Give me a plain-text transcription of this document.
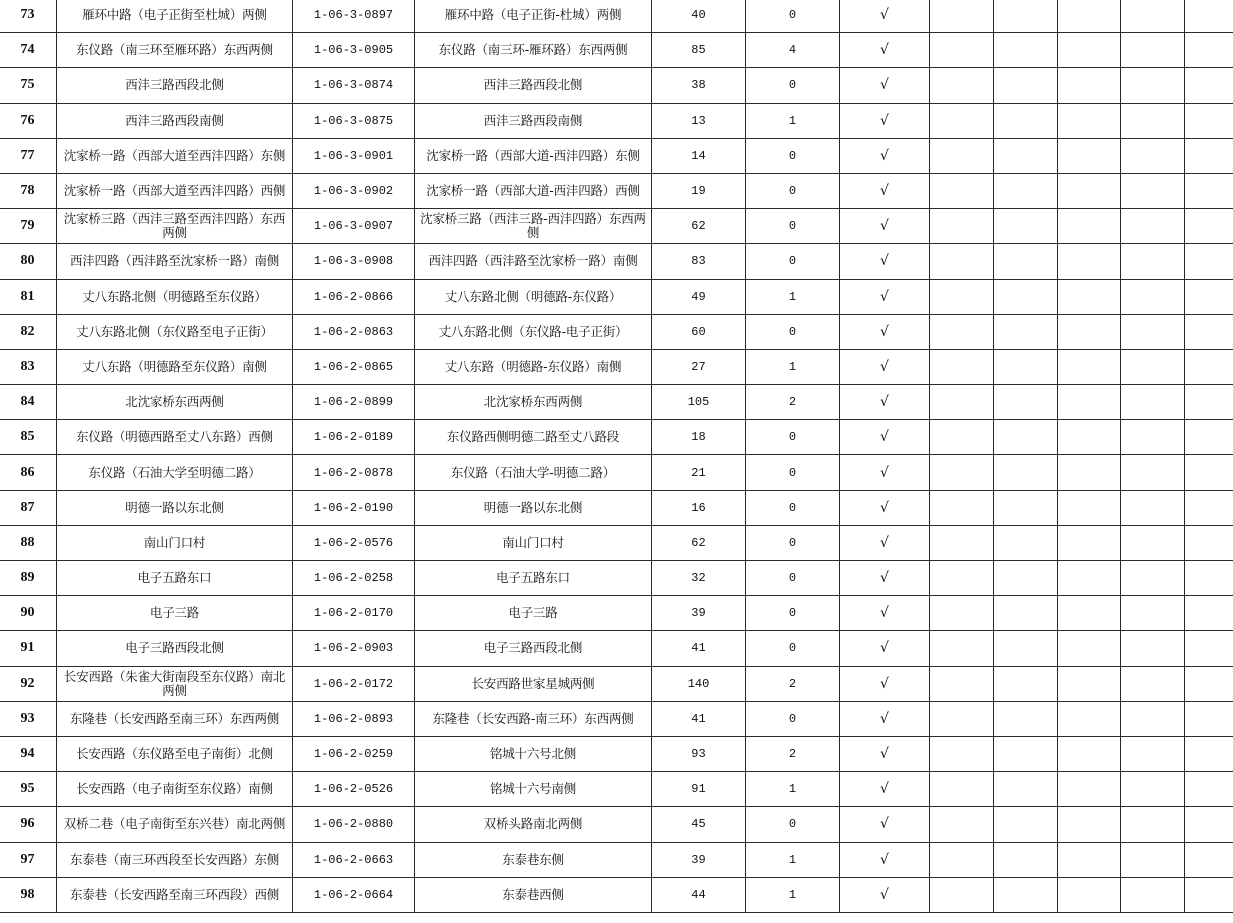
73	雁环中路（电子正街至杜城）两侧	1-06-3-0897	雁环中路（电子正街-杜城）两侧	40	0	√						
74	东仪路（南三环至雁环路）东西两侧	1-06-3-0905	东仪路（南三环-雁环路）东西两侧	85	4	√						
75	西沣三路西段北侧	1-06-3-0874	西沣三路西段北侧	38	0	√						
76	西沣三路西段南侧	1-06-3-0875	西沣三路西段南侧	13	1	√						
77	沈家桥一路（西部大道至西沣四路）东侧	1-06-3-0901	沈家桥一路（西部大道-西沣四路）东侧	14	0	√						
78	沈家桥一路（西部大道至西沣四路）西侧	1-06-3-0902	沈家桥一路（西部大道-西沣四路）西侧	19	0	√						
79	沈家桥三路（西沣三路至西沣四路）东西两侧	1-06-3-0907	沈家桥三路（西沣三路-西沣四路）东西两侧	62	0	√						
80	西沣四路（西沣路至沈家桥一路）南侧	1-06-3-0908	西沣四路（西沣路至沈家桥一路）南侧	83	0	√						
81	丈八东路北侧（明德路至东仪路）	1-06-2-0866	丈八东路北侧（明德路-东仪路）	49	1	√						
82	丈八东路北侧（东仪路至电子正街）	1-06-2-0863	丈八东路北侧（东仪路-电子正街）	60	0	√						
83	丈八东路（明德路至东仪路）南侧	1-06-2-0865	丈八东路（明德路-东仪路）南侧	27	1	√						
84	北沈家桥东西两侧	1-06-2-0899	北沈家桥东西两侧	105	2	√						
85	东仪路（明德西路至丈八东路）西侧	1-06-2-0189	东仪路西侧明德二路至丈八路段	18	0	√						
86	东仪路（石油大学至明德二路）	1-06-2-0878	东仪路（石油大学-明德二路）	21	0	√						
87	明德一路以东北侧	1-06-2-0190	明德一路以东北侧	16	0	√						
88	南山门口村	1-06-2-0576	南山门口村	62	0	√						
89	电子五路东口	1-06-2-0258	电子五路东口	32	0	√						
90	电子三路	1-06-2-0170	电子三路	39	0	√						
91	电子三路西段北侧	1-06-2-0903	电子三路西段北侧	41	0	√						
92	长安西路（朱雀大街南段至东仪路）南北两侧	1-06-2-0172	长安西路世家星城两侧	140	2	√						
93	东隆巷（长安西路至南三环）东西两侧	1-06-2-0893	东隆巷（长安西路-南三环）东西两侧	41	0	√						
94	长安西路（东仪路至电子南街）北侧	1-06-2-0259	铭城十六号北侧	93	2	√						
95	长安西路（电子南街至东仪路）南侧	1-06-2-0526	铭城十六号南侧	91	1	√						
96	双桥二巷（电子南街至东兴巷）南北两侧	1-06-2-0880	双桥头路南北两侧	45	0	√						
97	东泰巷（南三环西段至长安西路）东侧	1-06-2-0663	东泰巷东侧	39	1	√						
98	东泰巷（长安西路至南三环西段）西侧	1-06-2-0664	东泰巷西侧	44	1	√						
